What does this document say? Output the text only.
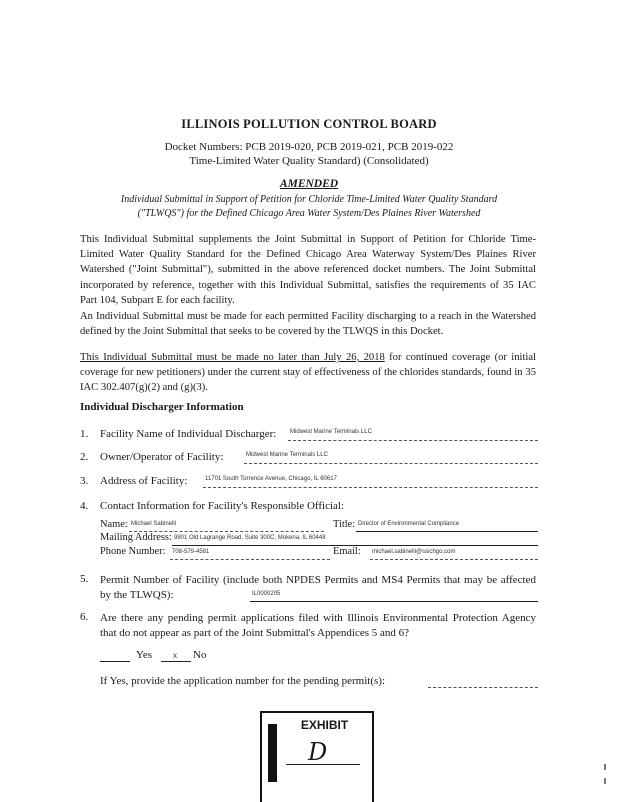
ILLINOIS POLLUTION CONTROL BOARD
Docket Numbers: PCB 2019-020, PCB 2019-021, PCB 2019-022
Time-Limited Water Quality Standard) (Consolidated)
AMENDED
Individual Submittal in Support of Petition for Chloride Time-Limited Water Quality Standard
("TLWQS") for the Defined Chicago Area Water System/Des Plaines River Watershed
This Individual Submittal supplements the Joint Submittal in Support of Petition for Chloride Time-Limited Water Quality Standard for the Defined Chicago Area Waterway System/Des Plaines River Watershed ("Joint Submittal"), submitted in the above referenced docket numbers. The Joint Submittal incorporated by reference, together with this Individual Submittal, satisfies the requirements of 35 IAC Part 104, Subpart E for each facility.
An Individual Submittal must be made for each permitted Facility discharging to a reach in the Watershed defined by the Joint Submittal that seeks to be covered by the TLWQS in this Docket.
This Individual Submittal must be made no later than July 26, 2018 for continued coverage (or initial coverage for new petitioners) under the current stay of effectiveness of the chlorides standards, found in 35 IAC 302.407(g)(2) and (g)(3).
Individual Discharger Information
1.	Facility Name of Individual Discharger: Midwest Marine Terminals LLC
2.	Owner/Operator of Facility:	Midwest Marine Terminals LLC
3.	Address of Facility:	11701 South Torrence Avenue, Chicago, IL 60617
4.	Contact Information for Facility's Responsible Official:
Name: Michael Sabinelli	Title: Director of Environmental Compliance
Mailing Address: 9801 Old Lagrange Road, Suite 300C, Mokena, IL 60448
Phone Number: 708-579-4581	Email: michael.sabinelli@ssichgo.com
5.	Permit Number of Facility (include both NPDES Permits and MS4 Permits that may be affected by the TLWQS):	IL0000205
6.	Are there any pending permit applications filed with Illinois Environmental Protection Agency that do not appear as part of the Joint Submittal's Appendices 5 and 6?
Yes	x No
If Yes, provide the application number for the pending permit(s):
EXHIBIT
D
